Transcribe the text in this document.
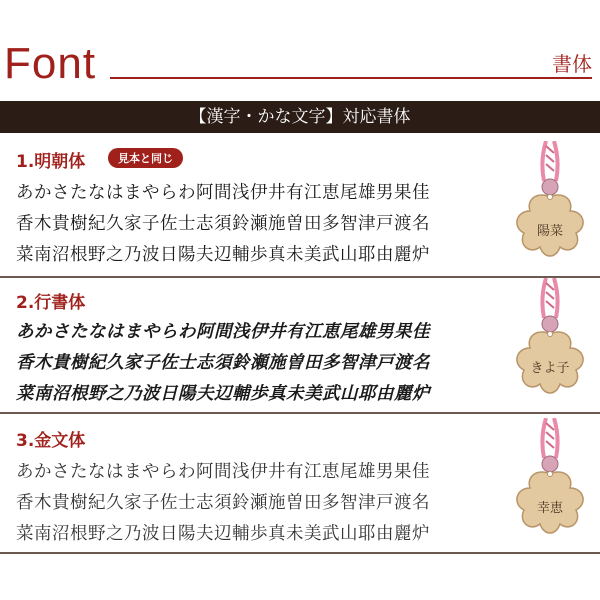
Font	書体
【漢字・かな文字】対応書体
1.明朝体	見本と同じ
あかさたなはまやらわ阿間浅伊井有江恵尾雄男果佳
香木貴樹紀久家子佐士志須鈴瀬施曽田多智津戸渡名
菜南沼根野之乃波日陽夫辺輔歩真未美武山耶由麗炉
陽菜
2.行書体
あかさたなはまやらわ阿間浅伊井有江恵尾雄男果佳
香木貴樹紀久家子佐士志須鈴瀬施曽田多智津戸渡名
菜南沼根野之乃波日陽夫辺輔歩真未美武山耶由麗炉
きよ子
3.金文体
あかさたなはまやらわ阿間浅伊井有江恵尾雄男果佳
香木貴樹紀久家子佐士志須鈴瀬施曽田多智津戸渡名
菜南沼根野之乃波日陽夫辺輔歩真未美武山耶由麗炉
幸恵
